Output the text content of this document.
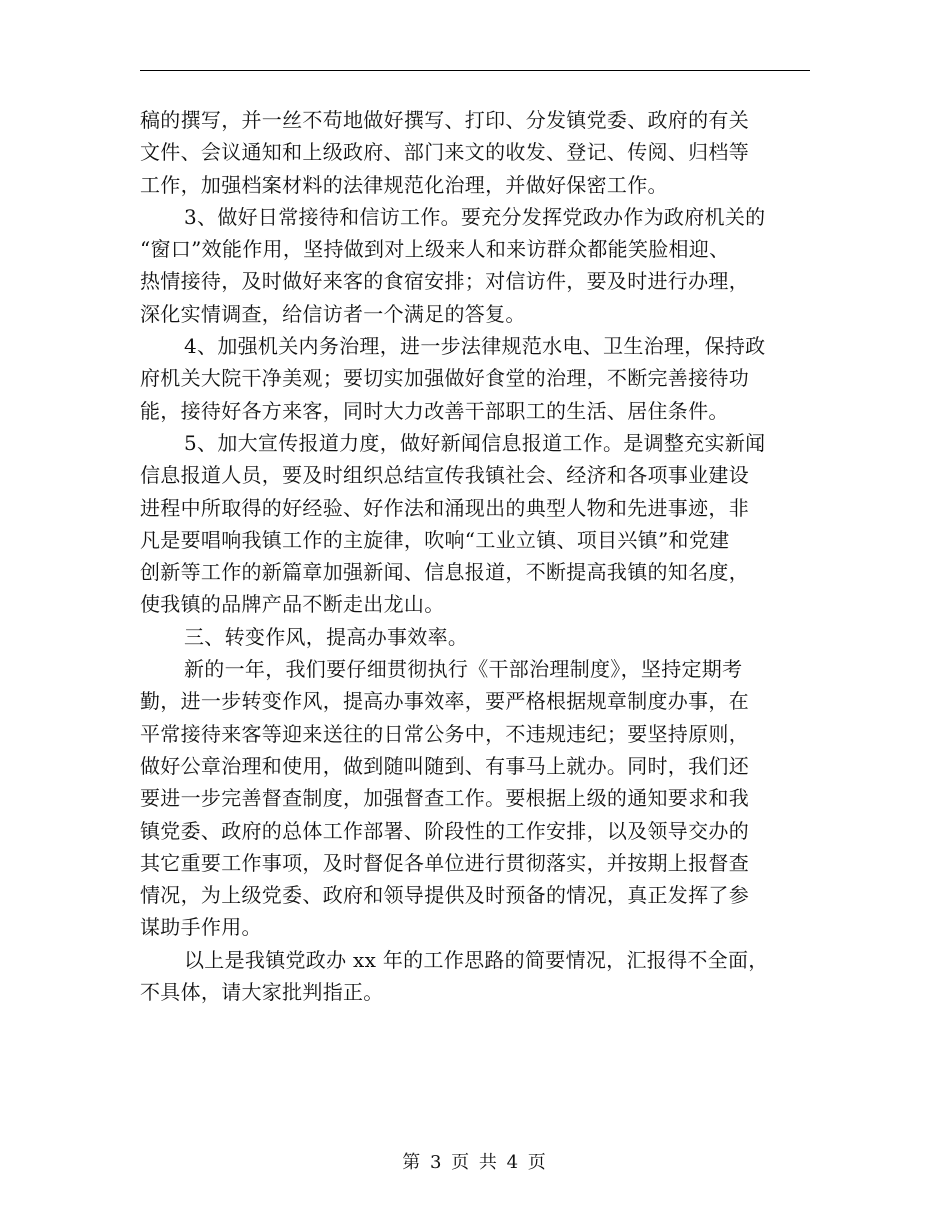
稿的撰写，并一丝不苟地做好撰写、打印、分发镇党委、政府的有关

文件、会议通知和上级政府、部门来文的收发、登记、传阅、归档等

工作，加强档案材料的法律规范化治理，并做好保密工作。

3、做好日常接待和信访工作。要充分发挥党政办作为政府机关的

“窗口”效能作用，坚持做到对上级来人和来访群众都能笑脸相迎、

热情接待，及时做好来客的食宿安排；对信访件，要及时进行办理，

深化实情调查，给信访者一个满足的答复。

4、加强机关内务治理，进一步法律规范水电、卫生治理，保持政

府机关大院干净美观；要切实加强做好食堂的治理，不断完善接待功

能，接待好各方来客，同时大力改善干部职工的生活、居住条件。

5、加大宣传报道力度，做好新闻信息报道工作。是调整充实新闻

信息报道人员，要及时组织总结宣传我镇社会、经济和各项事业建设

进程中所取得的好经验、好作法和涌现出的典型人物和先进事迹，非

凡是要唱响我镇工作的主旋律，吹响“工业立镇、项目兴镇”和党建

创新等工作的新篇章加强新闻、信息报道，不断提高我镇的知名度，

使我镇的品牌产品不断走出龙山。

三、转变作风，提高办事效率。

新的一年，我们要仔细贯彻执行《干部治理制度》，坚持定期考

勤，进一步转变作风，提高办事效率，要严格根据规章制度办事，在

平常接待来客等迎来送往的日常公务中，不违规违纪；要坚持原则，

做好公章治理和使用，做到随叫随到、有事马上就办。同时，我们还

要进一步完善督查制度，加强督查工作。要根据上级的通知要求和我

镇党委、政府的总体工作部署、阶段性的工作安排，以及领导交办的

其它重要工作事项，及时督促各单位进行贯彻落实，并按期上报督查

情况，为上级党委、政府和领导提供及时预备的情况，真正发挥了参

谋助手作用。

以上是我镇党政办 xx 年的工作思路的简要情况，汇报得不全面，

不具体，请大家批判指正。

第 3 页 共 4 页
